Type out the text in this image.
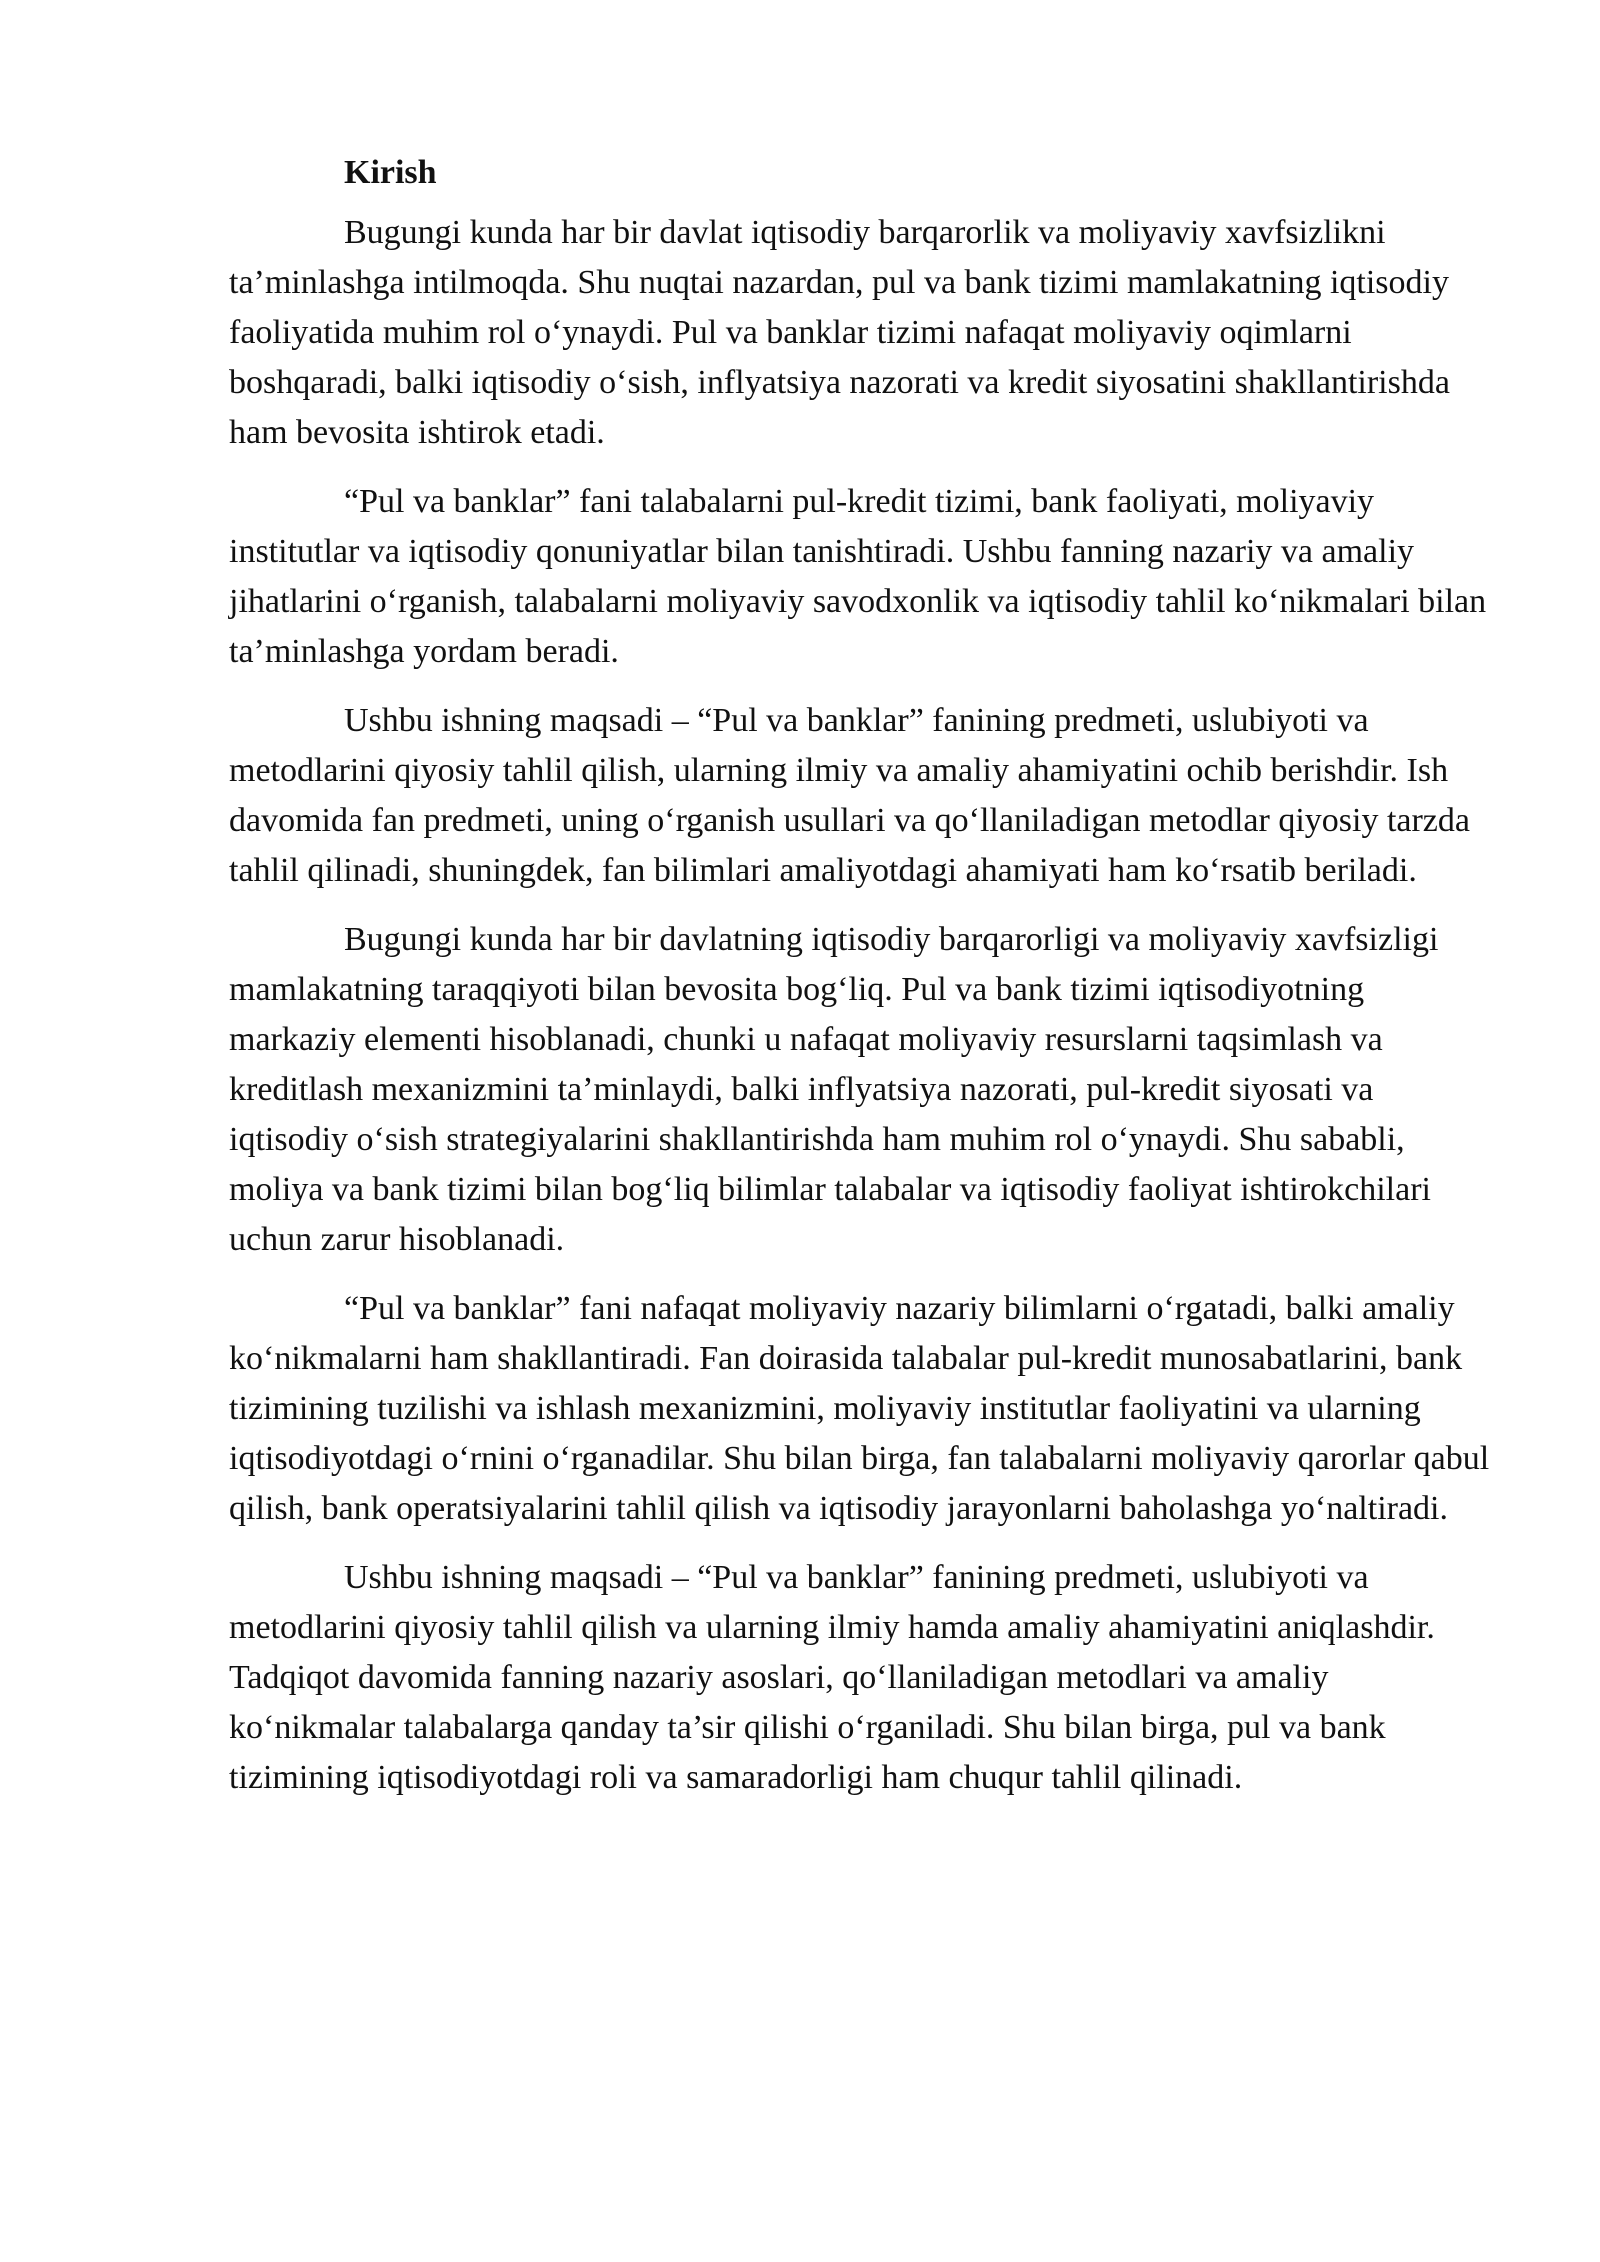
Kirish

Bugungi kunda har bir davlat iqtisodiy barqarorlik va moliyaviy xavfsizlikni ta’minlashga intilmoqda. Shu nuqtai nazardan, pul va bank tizimi mamlakatning iqtisodiy faoliyatida muhim rol o‘ynaydi. Pul va banklar tizimi nafaqat moliyaviy oqimlarni boshqaradi, balki iqtisodiy o‘sish, inflyatsiya nazorati va kredit siyosatini shakllantirishda ham bevosita ishtirok etadi.

“Pul va banklar” fani talabalarni pul-kredit tizimi, bank faoliyati, moliyaviy institutlar va iqtisodiy qonuniyatlar bilan tanishtiradi. Ushbu fanning nazariy va amaliy jihatlarini o‘rganish, talabalarni moliyaviy savodxonlik va iqtisodiy tahlil ko‘nikmalari bilan ta’minlashga yordam beradi.

Ushbu ishning maqsadi – “Pul va banklar” fanining predmeti, uslubiyoti va metodlarini qiyosiy tahlil qilish, ularning ilmiy va amaliy ahamiyatini ochib berishdir. Ish davomida fan predmeti, uning o‘rganish usullari va qo‘llaniladigan metodlar qiyosiy tarzda tahlil qilinadi, shuningdek, fan bilimlari amaliyotdagi ahamiyati ham ko‘rsatib beriladi.

Bugungi kunda har bir davlatning iqtisodiy barqarorligi va moliyaviy xavfsizligi mamlakatning taraqqiyoti bilan bevosita bog‘liq. Pul va bank tizimi iqtisodiyotning markaziy elementi hisoblanadi, chunki u nafaqat moliyaviy resurslarni taqsimlash va kreditlash mexanizmini ta’minlaydi, balki inflyatsiya nazorati, pul-kredit siyosati va iqtisodiy o‘sish strategiyalarini shakllantirishda ham muhim rol o‘ynaydi. Shu sababli, moliya va bank tizimi bilan bog‘liq bilimlar talabalar va iqtisodiy faoliyat ishtirokchilari uchun zarur hisoblanadi.

“Pul va banklar” fani nafaqat moliyaviy nazariy bilimlarni o‘rgatadi, balki amaliy ko‘nikmalarni ham shakllantiradi. Fan doirasida talabalar pul-kredit munosabatlarini, bank tizimining tuzilishi va ishlash mexanizmini, moliyaviy institutlar faoliyatini va ularning iqtisodiyotdagi o‘rnini o‘rganadilar. Shu bilan birga, fan talabalarni moliyaviy qarorlar qabul qilish, bank operatsiyalarini tahlil qilish va iqtisodiy jarayonlarni baholashga yo‘naltiradi.

Ushbu ishning maqsadi – “Pul va banklar” fanining predmeti, uslubiyoti va metodlarini qiyosiy tahlil qilish va ularning ilmiy hamda amaliy ahamiyatini aniqlashdir. Tadqiqot davomida fanning nazariy asoslari, qo‘llaniladigan metodlari va amaliy ko‘nikmalar talabalarga qanday ta’sir qilishi o‘rganiladi. Shu bilan birga, pul va bank tizimining iqtisodiyotdagi roli va samaradorligi ham chuqur tahlil qilinadi.
